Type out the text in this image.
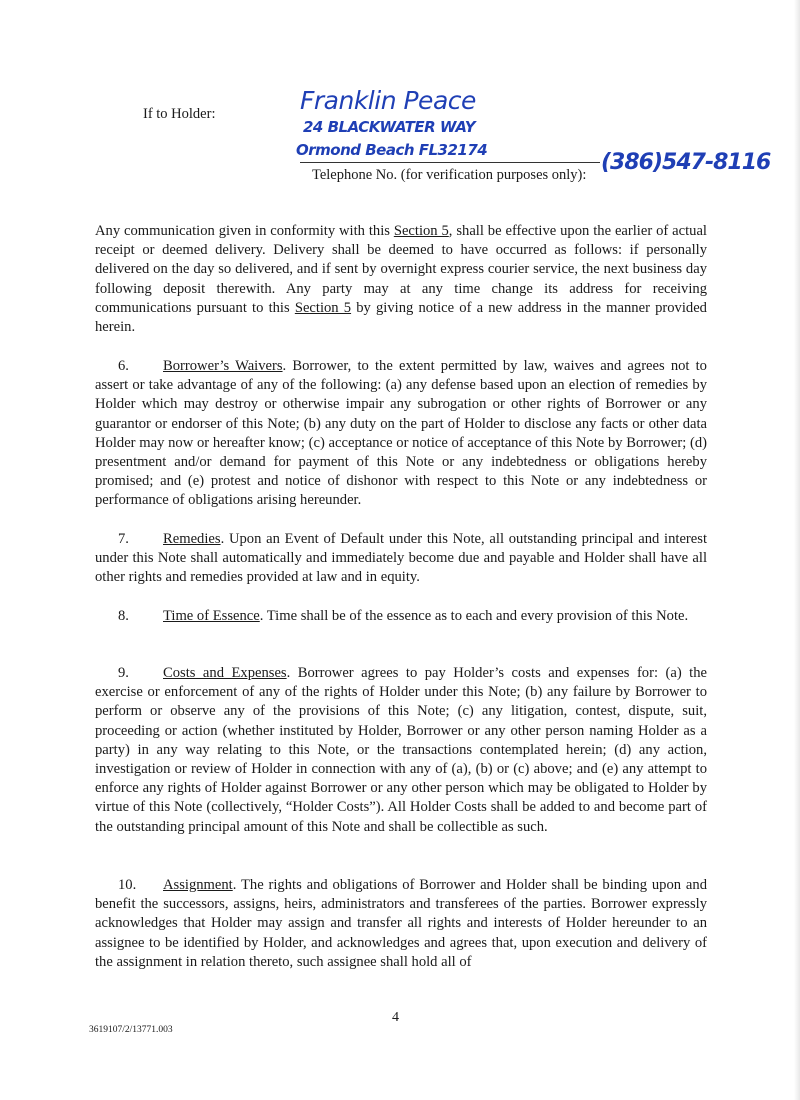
If to Holder:	Franklin Peace
24 BLACKWATER WAY
Ormond Beach FL32174
Telephone No. (for verification purposes only): (386)547-8116

Any communication given in conformity with this Section 5, shall be effective upon the earlier of actual receipt or deemed delivery. Delivery shall be deemed to have occurred as follows: if personally delivered on the day so delivered, and if sent by overnight express courier service, the next business day following deposit therewith. Any party may at any time change its address for receiving communications pursuant to this Section 5 by giving notice of a new address in the manner provided herein.

6. Borrower’s Waivers. Borrower, to the extent permitted by law, waives and agrees not to assert or take advantage of any of the following: (a) any defense based upon an election of remedies by Holder which may destroy or otherwise impair any subrogation or other rights of Borrower or any guarantor or endorser of this Note; (b) any duty on the part of Holder to disclose any facts or other data Holder may now or hereafter know; (c) acceptance or notice of acceptance of this Note by Borrower; (d) presentment and/or demand for payment of this Note or any indebtedness or obligations hereby promised; and (e) protest and notice of dishonor with respect to this Note or any indebtedness or performance of obligations arising hereunder.

7. Remedies. Upon an Event of Default under this Note, all outstanding principal and interest under this Note shall automatically and immediately become due and payable and Holder shall have all other rights and remedies provided at law and in equity.

8. Time of Essence. Time shall be of the essence as to each and every provision of this Note.

9. Costs and Expenses. Borrower agrees to pay Holder’s costs and expenses for: (a) the exercise or enforcement of any of the rights of Holder under this Note; (b) any failure by Borrower to perform or observe any of the provisions of this Note; (c) any litigation, contest, dispute, suit, proceeding or action (whether instituted by Holder, Borrower or any other person naming Holder as a party) in any way relating to this Note, or the transactions contemplated herein; (d) any action, investigation or review of Holder in connection with any of (a), (b) or (c) above; and (e) any attempt to enforce any rights of Holder against Borrower or any other person which may be obligated to Holder by virtue of this Note (collectively, “Holder Costs”). All Holder Costs shall be added to and become part of the outstanding principal amount of this Note and shall be collectible as such.

10. Assignment. The rights and obligations of Borrower and Holder shall be binding upon and benefit the successors, assigns, heirs, administrators and transferees of the parties. Borrower expressly acknowledges that Holder may assign and transfer all rights and interests of Holder hereunder to an assignee to be identified by Holder, and acknowledges and agrees that, upon execution and delivery of the assignment in relation thereto, such assignee shall hold all of

4
3619107/2/13771.003
